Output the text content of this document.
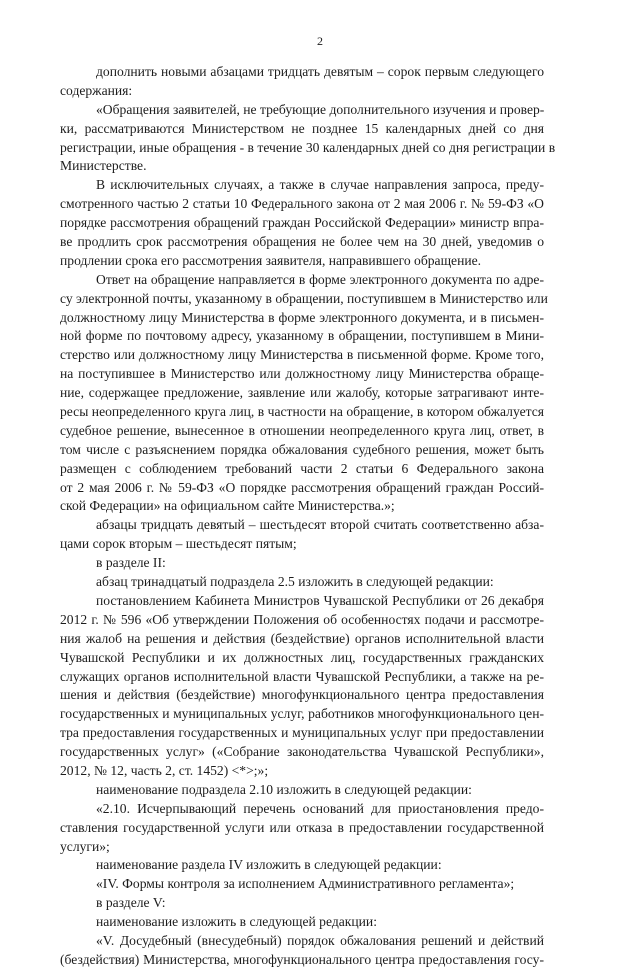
2
дополнить новыми абзацами тридцать девятым – сорок первым следующего
содержания:
«Обращения заявителей, не требующие дополнительного изучения и провер-
ки, рассматриваются Министерством не позднее 15 календарных дней со дня
регистрации, иные обращения - в течение 30 календарных дней со дня регистрации в
Министерстве.
В исключительных случаях, а также в случае направления запроса, преду-
смотренного частью 2 статьи 10 Федерального закона от 2 мая 2006 г. № 59-ФЗ «О
порядке рассмотрения обращений граждан Российской Федерации» министр впра-
ве продлить срок рассмотрения обращения не более чем на 30 дней, уведомив о
продлении срока его рассмотрения заявителя, направившего обращение.
Ответ на обращение направляется в форме электронного документа по адре-
су электронной почты, указанному в обращении, поступившем в Министерство или
должностному лицу Министерства в форме электронного документа, и в письмен-
ной форме по почтовому адресу, указанному в обращении, поступившем в Мини-
стерство или должностному лицу Министерства в письменной форме. Кроме того,
на поступившее в Министерство или должностному лицу Министерства обраще-
ние, содержащее предложение, заявление или жалобу, которые затрагивают инте-
ресы неопределенного круга лиц, в частности на обращение, в котором обжалуется
судебное решение, вынесенное в отношении неопределенного круга лиц, ответ, в
том числе с разъяснением порядка обжалования судебного решения, может быть
размещен с соблюдением требований части 2 статьи 6 Федерального закона
от 2 мая 2006 г. № 59-ФЗ «О порядке рассмотрения обращений граждан Россий-
ской Федерации» на официальном сайте Министерства.»;
абзацы тридцать девятый – шестьдесят второй считать соответственно абза-
цами сорок вторым – шестьдесят пятым;
в разделе II:
абзац тринадцатый подраздела 2.5 изложить в следующей редакции:
постановлением Кабинета Министров Чувашской Республики от 26 декабря
2012 г. № 596 «Об утверждении Положения об особенностях подачи и рассмотре-
ния жалоб на решения и действия (бездействие) органов исполнительной власти
Чувашской Республики и их должностных лиц, государственных гражданских
служащих органов исполнительной власти Чувашской Республики, а также на ре-
шения и действия (бездействие) многофункционального центра предоставления
государственных и муниципальных услуг, работников многофункционального цен-
тра предоставления государственных и муниципальных услуг при предоставлении
государственных услуг» («Собрание законодательства Чувашской Республики»,
2012, № 12, часть 2, ст. 1452) <*>;»;
наименование подраздела 2.10 изложить в следующей редакции:
«2.10. Исчерпывающий перечень оснований для приостановления предо-
ставления государственной услуги или отказа в предоставлении государственной
услуги»;
наименование раздела IV изложить в следующей редакции:
«IV. Формы контроля за исполнением Административного регламента»;
в разделе V:
наименование изложить в следующей редакции:
«V. Досудебный (внесудебный) порядок обжалования решений и действий
(бездействия) Министерства, многофункционального центра предоставления госу-
